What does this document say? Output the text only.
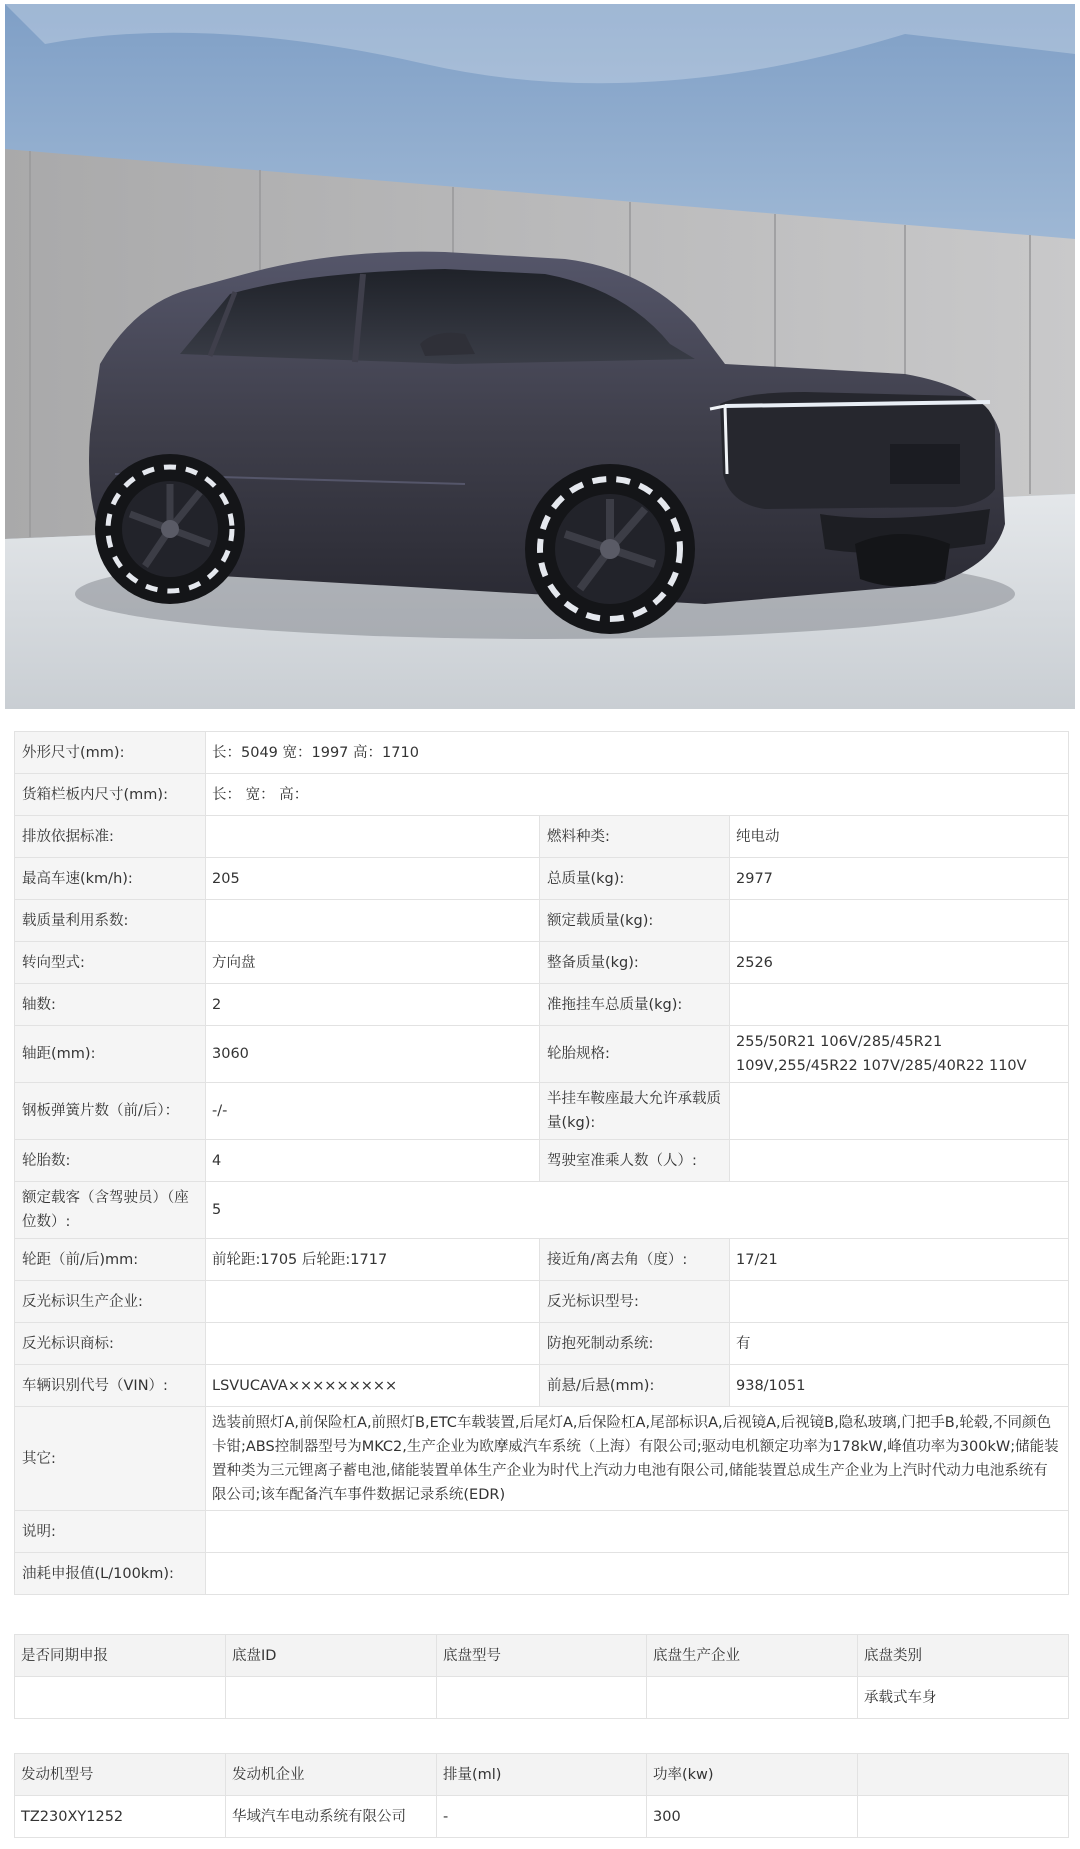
外形尺寸(mm):	长：5049 宽：1997 高：1710		
货箱栏板内尺寸(mm):	长： 宽： 高：		
排放依据标准:		燃料种类:	纯电动
最高车速(km/h):	205	总质量(kg):	2977
载质量利用系数:		额定载质量(kg):	
转向型式:	方向盘	整备质量(kg):	2526
轴数:	2	准拖挂车总质量(kg):	
轴距(mm):	3060	轮胎规格:	255/50R21 106V/285/45R21 109V,255/45R22 107V/285/40R22 110V
钢板弹簧片数（前/后）：	-/-	半挂车鞍座最大允许承载质量(kg):	
轮胎数:	4	驾驶室准乘人数（人）:	
额定载客（含驾驶员）（座位数）:	5		
轮距（前/后)mm:	前轮距:1705 后轮距:1717	接近角/离去角（度）:	17/21
反光标识生产企业:		反光标识型号:	
反光标识商标:		防抱死制动系统:	有
车辆识别代号（VIN）:	LSVUCAVA×××××××××	前悬/后悬(mm):	938/1051
其它:	选装前照灯A,前保险杠A,前照灯B,ETC车载装置,后尾灯A,后保险杠A,尾部标识A,后视镜A,后视镜B,隐私玻璃,门把手B,轮毂,不同颜色卡钳;ABS控制器型号为MKC2,生产企业为欧摩威汽车系统（上海）有限公司;驱动电机额定功率为178kW,峰值功率为300kW;储能装置种类为三元锂离子蓄电池,储能装置单体生产企业为时代上汽动力电池有限公司,储能装置总成生产企业为上汽时代动力电池系统有限公司;该车配备汽车事件数据记录系统(EDR)		
说明:			
油耗申报值(L/100km):			
是否同期申报	底盘ID	底盘型号	底盘生产企业	底盘类别
				承载式车身
发动机型号	发动机企业	排量(ml)	功率(kw)	
TZ230XY1252	华域汽车电动系统有限公司	-	300	
